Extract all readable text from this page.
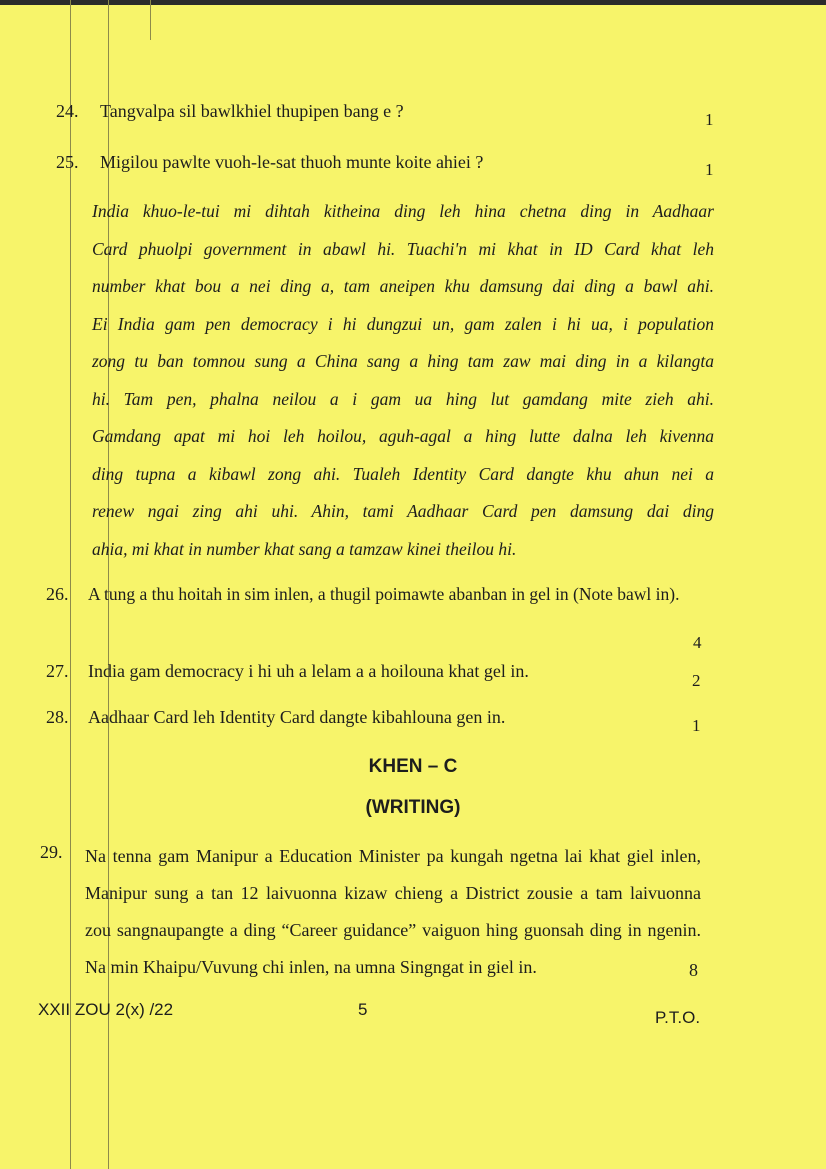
24. Tangvalpa sil bawlkhiel thupipen bang e ?	1
25. Migilou pawlte vuoh-le-sat thuoh munte koite ahiei ?	1
India khuo-le-tui mi dihtah kitheina ding leh hina chetna ding in Aadhaar
Card phuolpi government in abawl hi. Tuachi'n mi khat in ID Card khat leh
number khat bou a nei ding a, tam aneipen khu damsung dai ding a bawl ahi.
Ei India gam pen democracy i hi dungzui un, gam zalen i hi ua, i population
zong tu ban tomnou sung a China sang a hing tam zaw mai ding in a kilangta
hi. Tam pen, phalna neilou a i gam ua hing lut gamdang mite zieh ahi.
Gamdang apat mi hoi leh hoilou, aguh-agal a hing lutte dalna leh kivenna
ding tupna a kibawl zong ahi. Tualeh Identity Card dangte khu ahun nei a
renew ngai zing ahi uhi. Ahin, tami Aadhaar Card pen damsung dai ding
ahia, mi khat in number khat sang a tamzaw kinei theilou hi.
26. A tung a thu hoitah in sim inlen, a thugil poimawte abanban in gel in (Note bawl in).
4
27. India gam democracy i hi uh a lelam a a hoilouna khat gel in.	2
28. Aadhaar Card leh Identity Card dangte kibahlouna gen in.	1
KHEN – C
(WRITING)
29. Na tenna gam Manipur a Education Minister pa kungah ngetna lai khat giel inlen,
Manipur sung a tan 12 laivuonna kizaw chieng a District zousie a tam laivuonna
zou sangnaupangte a ding “Career guidance” vaiguon hing guonsah ding in ngenin.
Na min Khaipu/Vuvung chi inlen, na umna Singngat in giel in.	8
XXII ZOU 2(x) /22	5	P.T.O.
